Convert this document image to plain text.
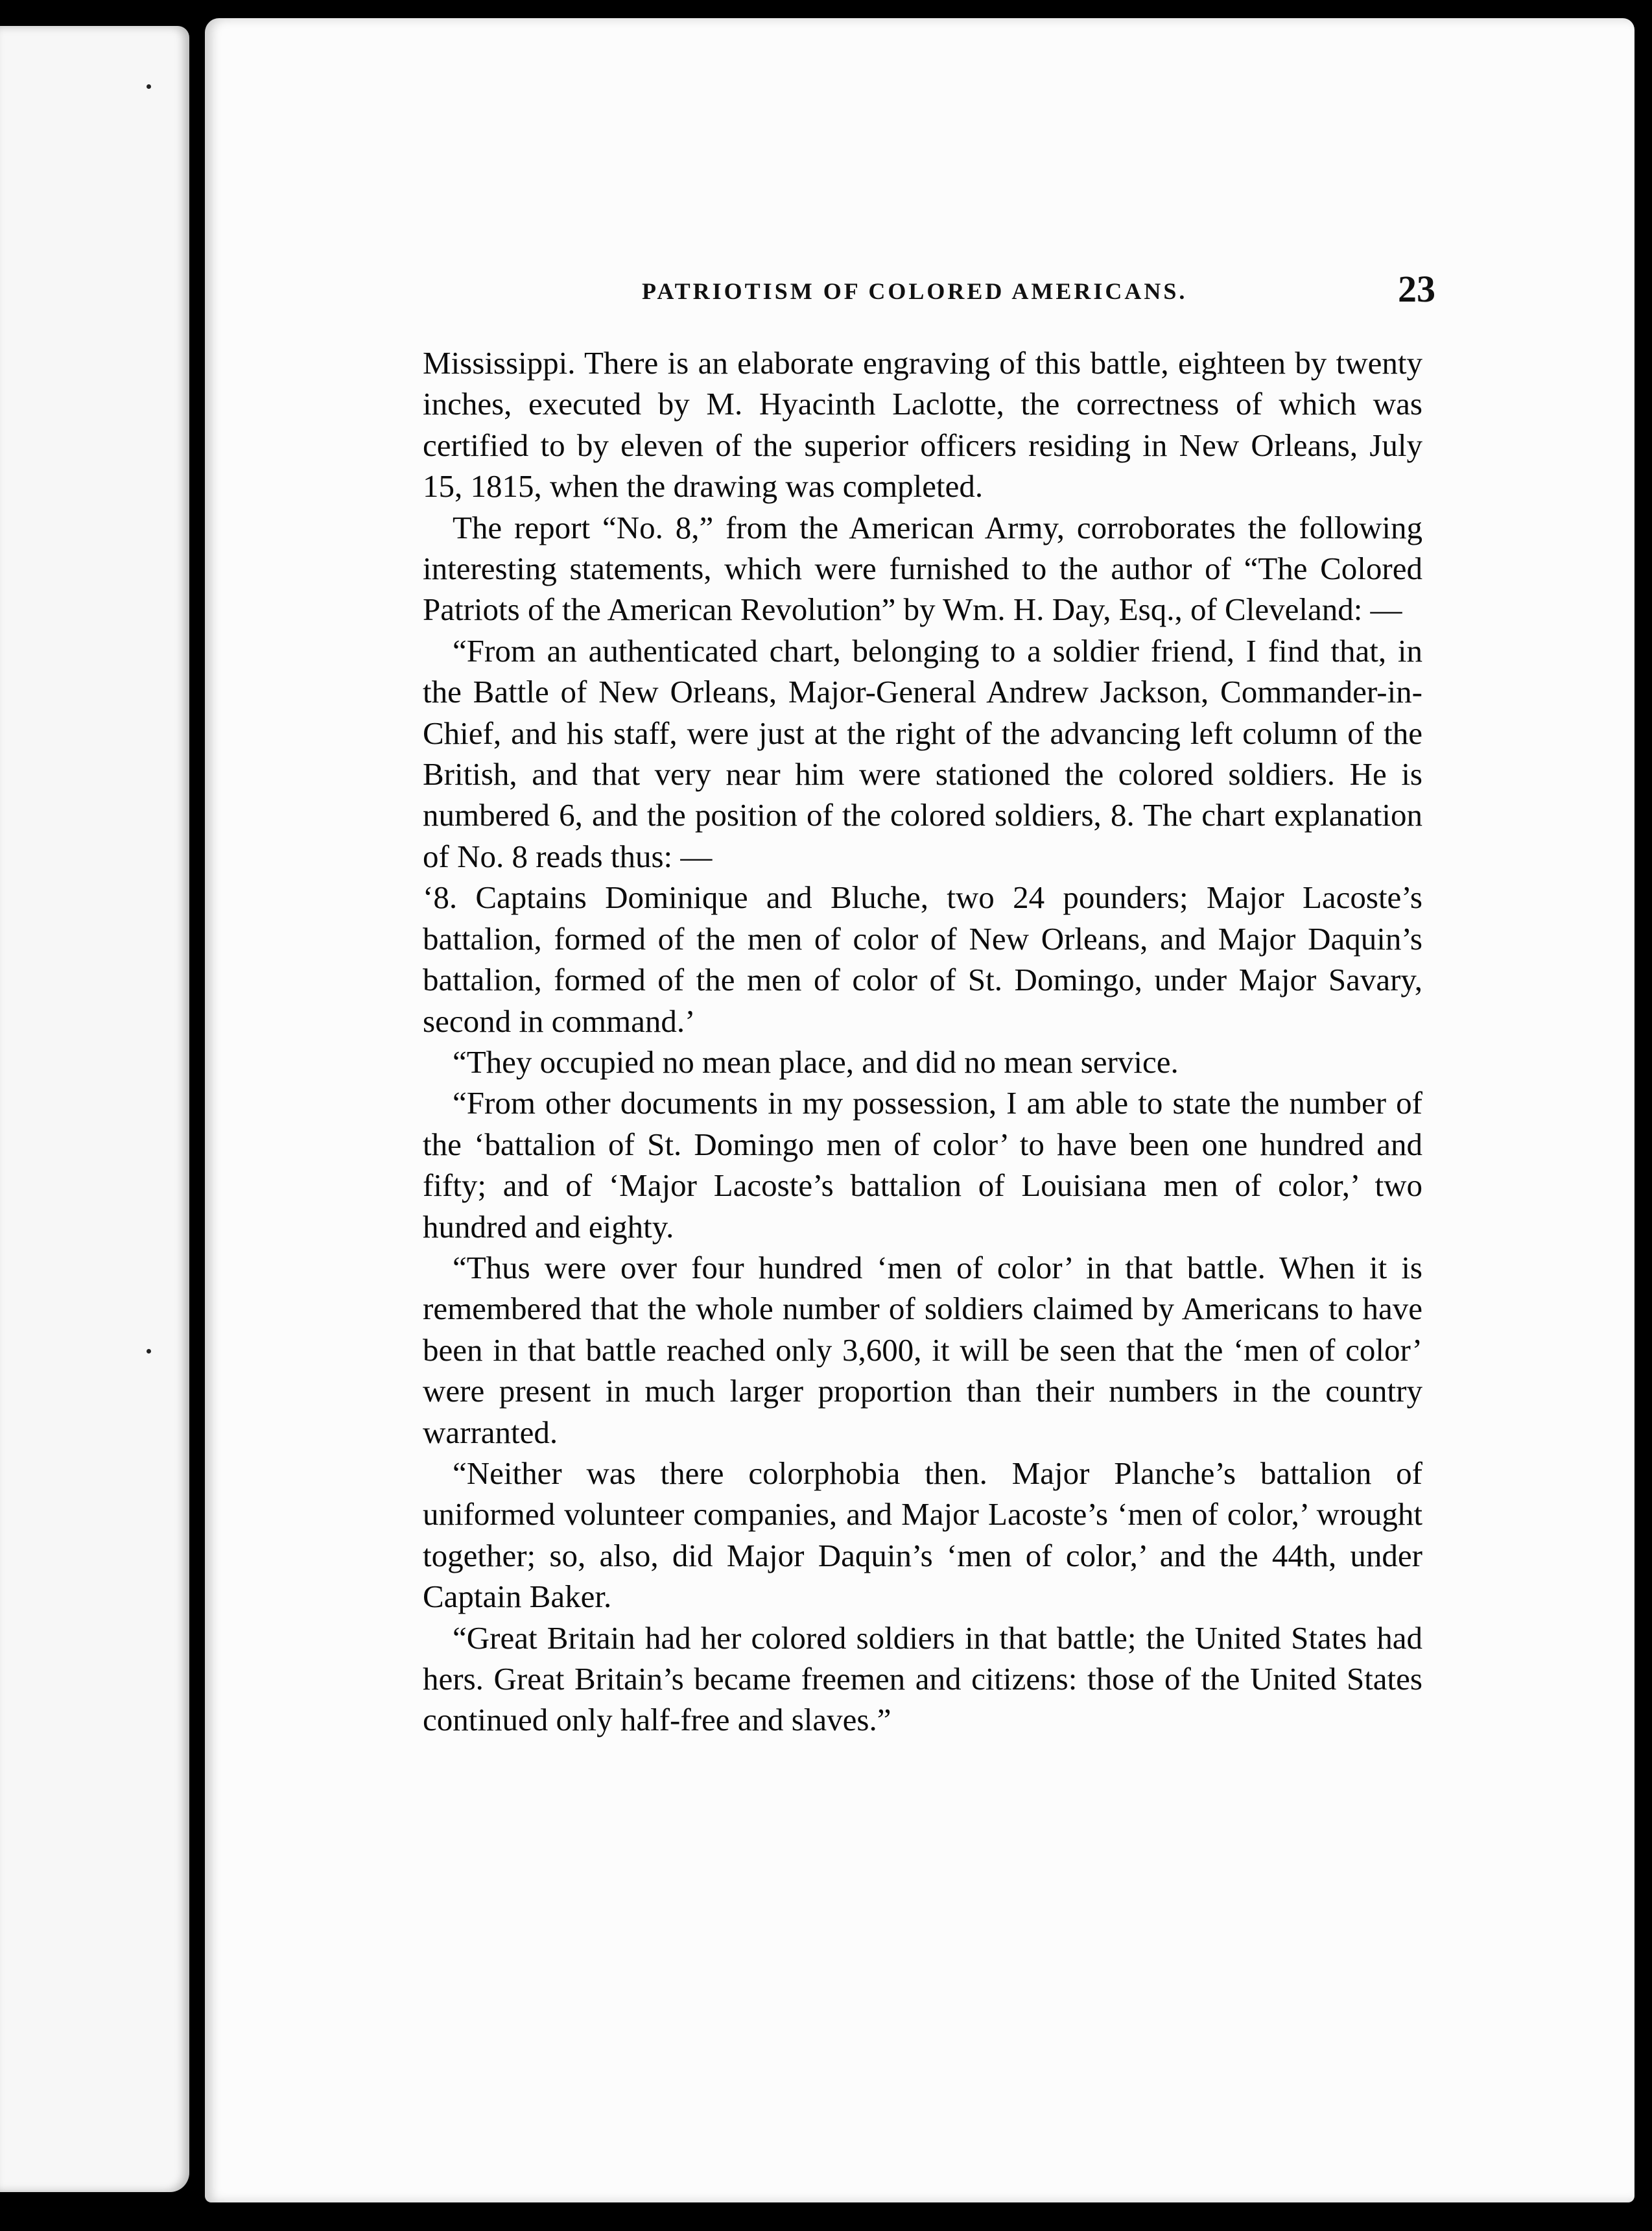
PATRIOTISM OF COLORED AMERICANS.	23

Mississippi. There is an elaborate engraving of this battle, eighteen by twenty inches, executed by M. Hyacinth Laclotte, the correctness of which was certified to by eleven of the superior officers residing in New Orleans, July 15, 1815, when the drawing was completed.

The report “No. 8,” from the American Army, corroborates the following interesting statements, which were furnished to the author of “The Colored Patriots of the American Revolution” by Wm. H. Day, Esq., of Cleveland: —

“From an authenticated chart, belonging to a soldier friend, I find that, in the Battle of New Orleans, Major-General Andrew Jackson, Commander-in-Chief, and his staff, were just at the right of the advancing left column of the British, and that very near him were stationed the colored soldiers. He is numbered 6, and the position of the colored soldiers, 8. The chart explanation of No. 8 reads thus: —

‘8. Captains Dominique and Bluche, two 24 pounders; Major Lacoste’s battalion, formed of the men of color of New Orleans, and Major Daquin’s battalion, formed of the men of color of St. Domingo, under Major Savary, second in command.’

“They occupied no mean place, and did no mean service.

“From other documents in my possession, I am able to state the number of the ‘battalion of St. Domingo men of color’ to have been one hundred and fifty; and of ‘Major Lacoste’s battalion of Louisiana men of color,’ two hundred and eighty.

“Thus were over four hundred ‘men of color’ in that battle. When it is remembered that the whole number of soldiers claimed by Americans to have been in that battle reached only 3,600, it will be seen that the ‘men of color’ were present in much larger proportion than their numbers in the country warranted.

“Neither was there colorphobia then. Major Planche’s battalion of uniformed volunteer companies, and Major Lacoste’s ‘men of color,’ wrought together; so, also, did Major Daquin’s ‘men of color,’ and the 44th, under Captain Baker.

“Great Britain had her colored soldiers in that battle; the United States had hers. Great Britain’s became freemen and citizens: those of the United States continued only half-free and slaves.”
